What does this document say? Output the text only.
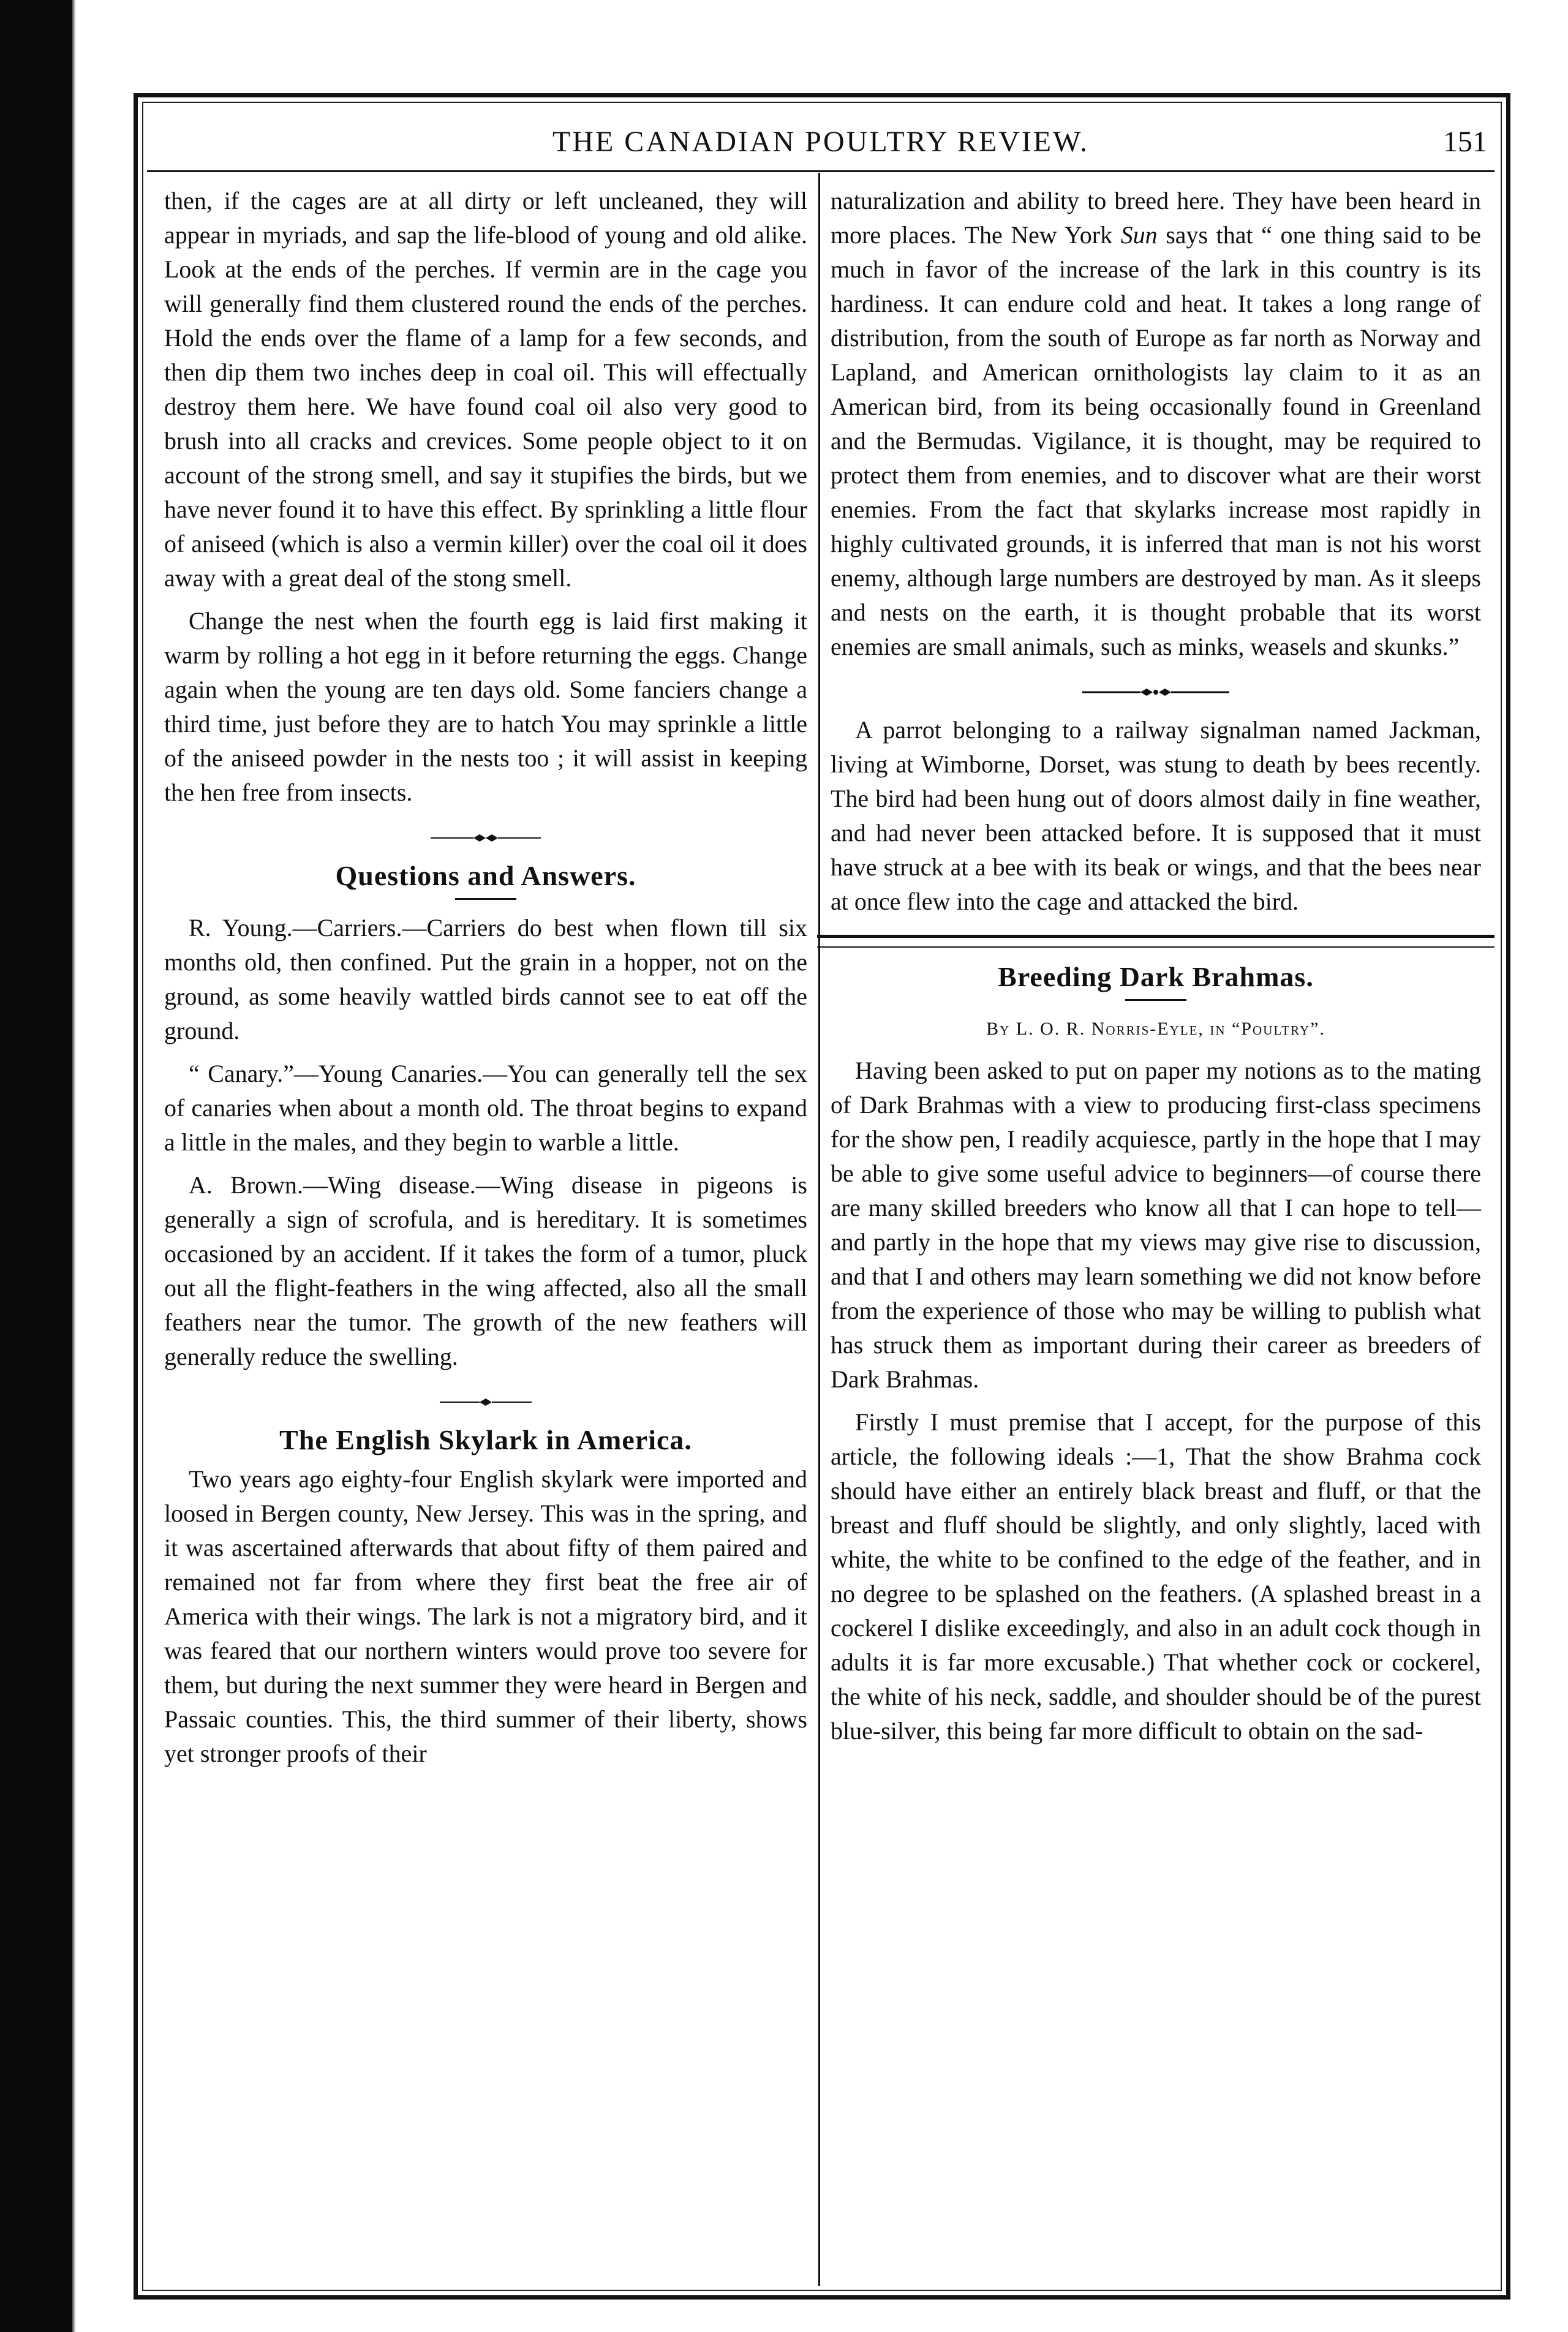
THE CANADIAN POULTRY REVIEW.	151

then, if the cages are at all dirty or left uncleaned, they will appear in myriads, and sap the life-blood of young and old alike. Look at the ends of the perches. If vermin are in the cage you will generally find them clustered round the ends of the perches. Hold the ends over the flame of a lamp for a few seconds, and then dip them two inches deep in coal oil. This will effectually destroy them here. We have found coal oil also very good to brush into all cracks and crevices. Some people object to it on account of the strong smell, and say it stupifies the birds, but we have never found it to have this effect. By sprinkling a little flour of aniseed (which is also a vermin killer) over the coal oil it does away with a great deal of the stong smell.

Change the nest when the fourth egg is laid first making it warm by rolling a hot egg in it before returning the eggs. Change again when the young are ten days old. Some fanciers change a third time, just before they are to hatch You may sprinkle a little of the aniseed powder in the nests too ; it will assist in keeping the hen free from insects.

Questions and Answers.

R. Young.—Carriers.—Carriers do best when flown till six months old, then confined. Put the grain in a hopper, not on the ground, as some heavily wattled birds cannot see to eat off the ground.

“ Canary.”—Young Canaries.—You can generally tell the sex of canaries when about a month old. The throat begins to expand a little in the males, and they begin to warble a little.

A. Brown.—Wing disease.—Wing disease in pigeons is generally a sign of scrofula, and is hereditary. It is sometimes occasioned by an accident. If it takes the form of a tumor, pluck out all the flight-feathers in the wing affected, also all the small feathers near the tumor. The growth of the new feathers will generally reduce the swelling.

The English Skylark in America.

Two years ago eighty-four English skylark were imported and loosed in Bergen county, New Jersey. This was in the spring, and it was ascertained afterwards that about fifty of them paired and remained not far from where they first beat the free air of America with their wings. The lark is not a migratory bird, and it was feared that our northern winters would prove too severe for them, but during the next summer they were heard in Bergen and Passaic counties. This, the third summer of their liberty, shows yet stronger proofs of their

naturalization and ability to breed here. They have been heard in more places. The New York Sun says that “ one thing said to be much in favor of the increase of the lark in this country is its hardiness. It can endure cold and heat. It takes a long range of distribution, from the south of Europe as far north as Norway and Lapland, and American ornithologists lay claim to it as an American bird, from its being occasionally found in Greenland and the Bermudas. Vigilance, it is thought, may be required to protect them from enemies, and to discover what are their worst enemies. From the fact that skylarks increase most rapidly in highly cultivated grounds, it is inferred that man is not his worst enemy, although large numbers are destroyed by man. As it sleeps and nests on the earth, it is thought probable that its worst enemies are small animals, such as minks, weasels and skunks.”

A parrot belonging to a railway signalman named Jackman, living at Wimborne, Dorset, was stung to death by bees recently. The bird had been hung out of doors almost daily in fine weather, and had never been attacked before. It is supposed that it must have struck at a bee with its beak or wings, and that the bees near at once flew into the cage and attacked the bird.

Breeding Dark Brahmas.
By L. O. R. Norris-Eyle, in “Poultry”.

Having been asked to put on paper my notions as to the mating of Dark Brahmas with a view to producing first-class specimens for the show pen, I readily acquiesce, partly in the hope that I may be able to give some useful advice to beginners—of course there are many skilled breeders who know all that I can hope to tell—and partly in the hope that my views may give rise to discussion, and that I and others may learn something we did not know before from the experience of those who may be willing to publish what has struck them as important during their career as breeders of Dark Brahmas.

Firstly I must premise that I accept, for the purpose of this article, the following ideals :—1, That the show Brahma cock should have either an entirely black breast and fluff, or that the breast and fluff should be slightly, and only slightly, laced with white, the white to be confined to the edge of the feather, and in no degree to be splashed on the feathers. (A splashed breast in a cockerel I dislike exceedingly, and also in an adult cock though in adults it is far more excusable.) That whether cock or cockerel, the white of his neck, saddle, and shoulder should be of the purest blue-silver, this being far more difficult to obtain on the sad-
